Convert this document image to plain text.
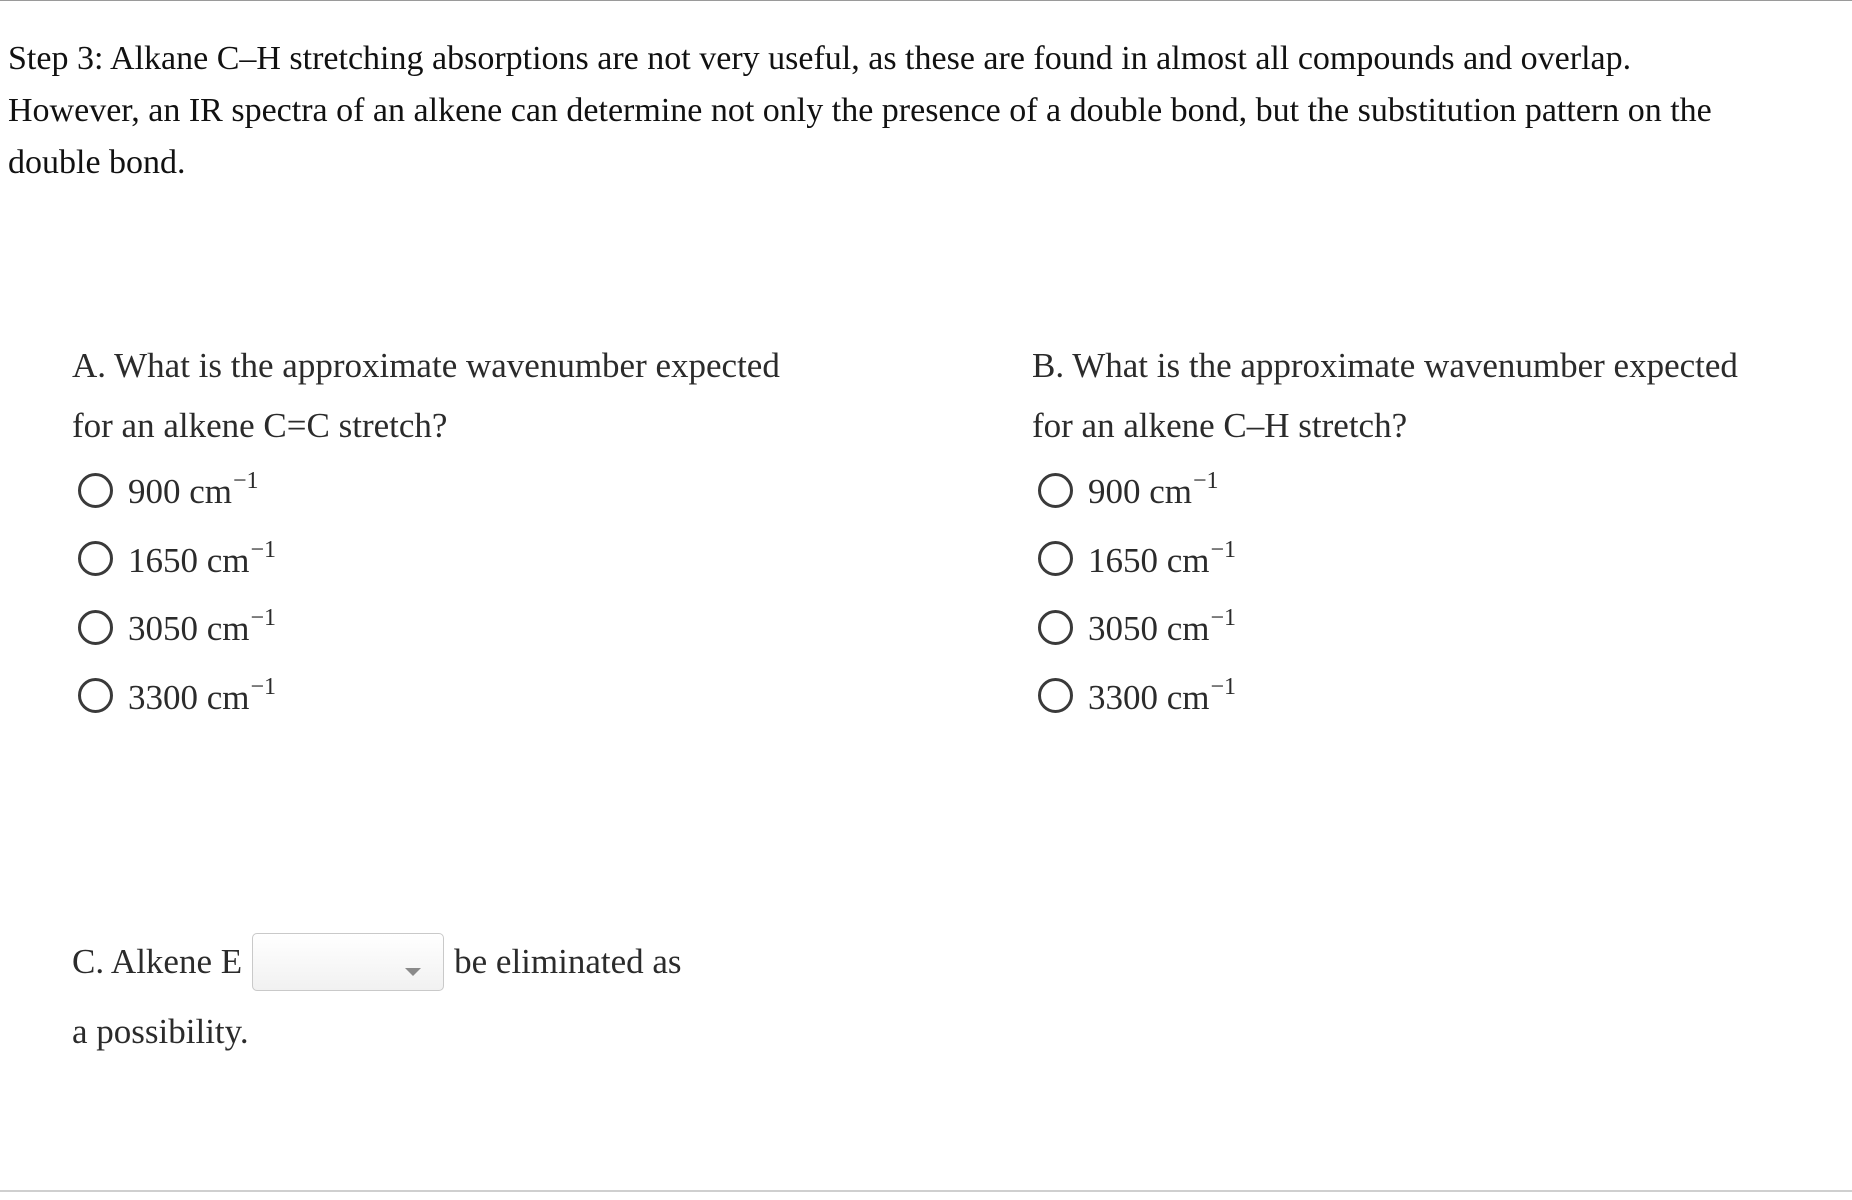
Step 3: Alkane C–H stretching absorptions are not very useful, as these are found in almost all compounds and overlap.
However, an IR spectra of an alkene can determine not only the presence of a double bond, but the substitution pattern on the
double bond.
A. What is the approximate wavenumber expected
for an alkene C=C stretch?
900 $cm^{-1}$
1650 $cm^{-1}$
3050 $cm^{-1}$
3300 $cm^{-1}$
B. What is the approximate wavenumber expected
for an alkene C–H stretch?
900 $cm^{-1}$
1650 $cm^{-1}$
3050 $cm^{-1}$
3300 $cm^{-1}$
C. Alkene E	be eliminated as
a possibility.
